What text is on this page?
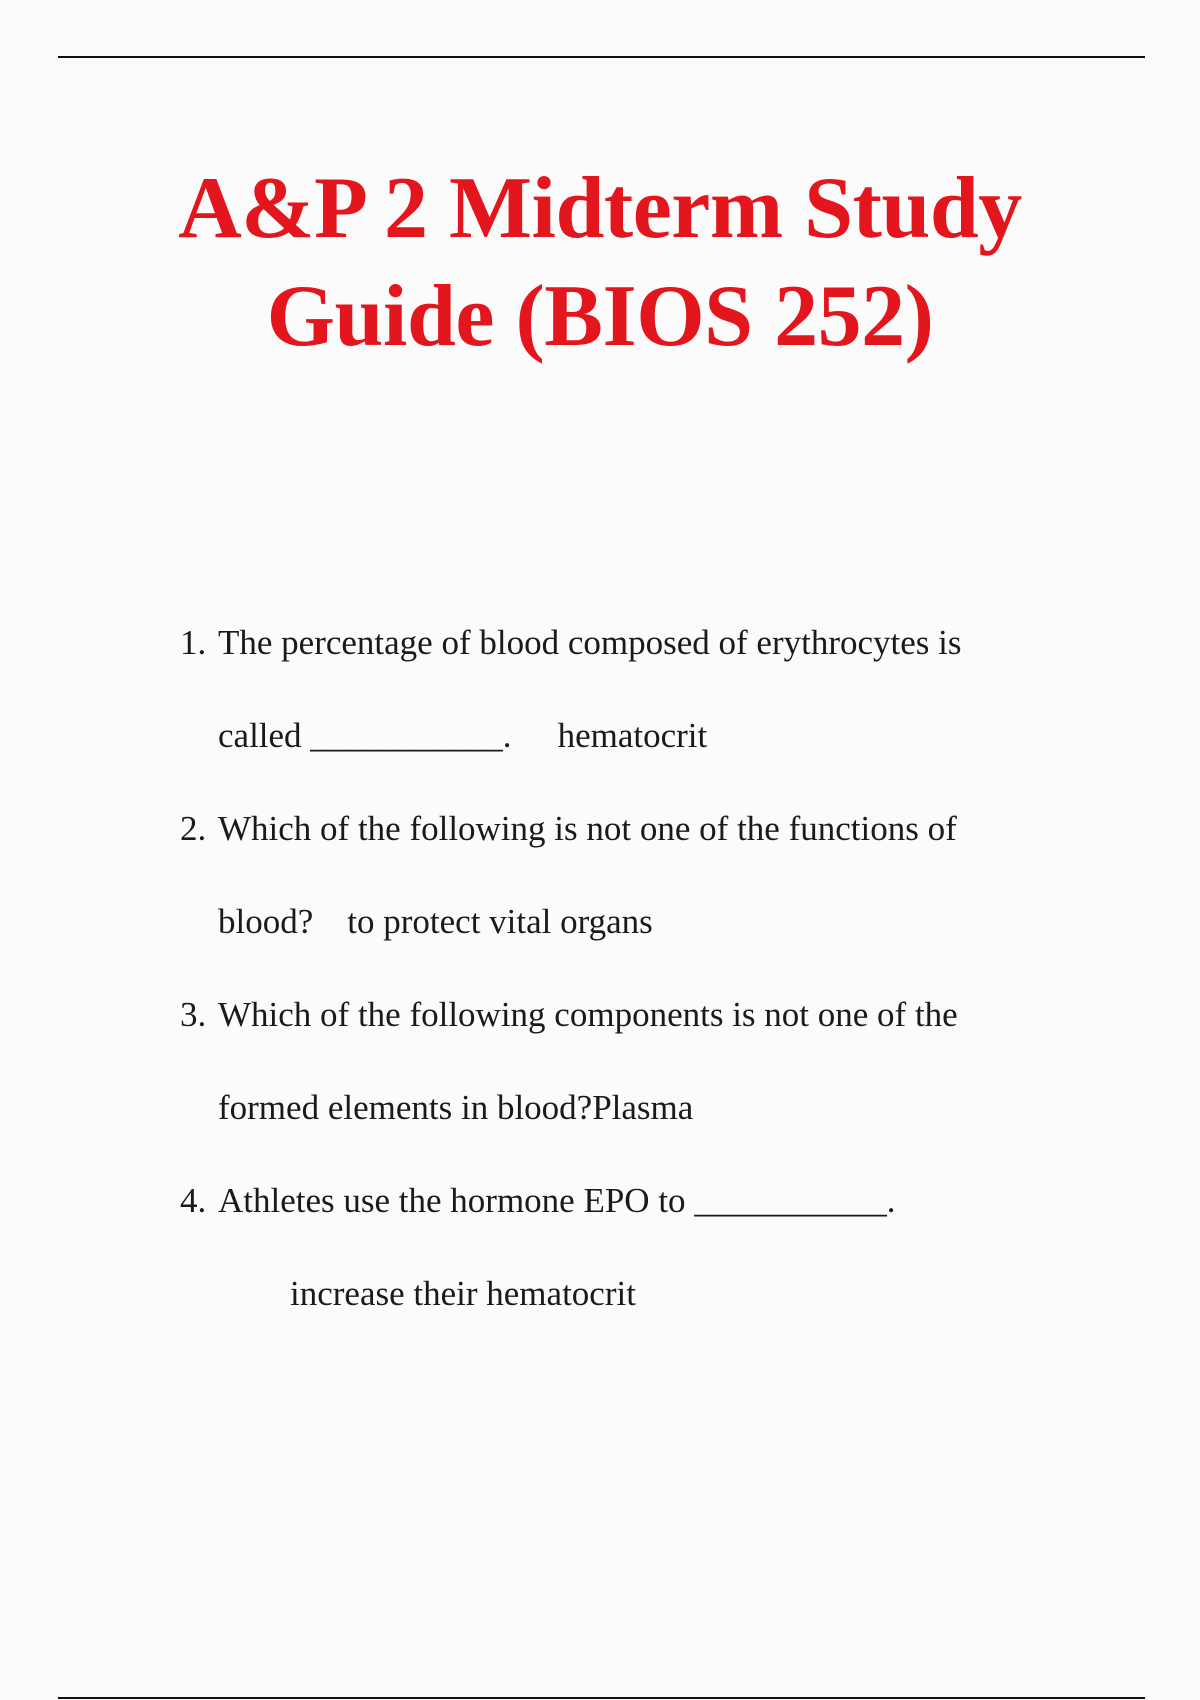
A&P 2 Midterm Study
Guide (BIOS 252)
1. The percentage of blood composed of erythrocytes is
called ___________. hematocrit
2. Which of the following is not one of the functions of
blood? to protect vital organs
3. Which of the following components is not one of the
formed elements in blood?Plasma
4. Athletes use the hormone EPO to ___________.
increase their hematocrit
